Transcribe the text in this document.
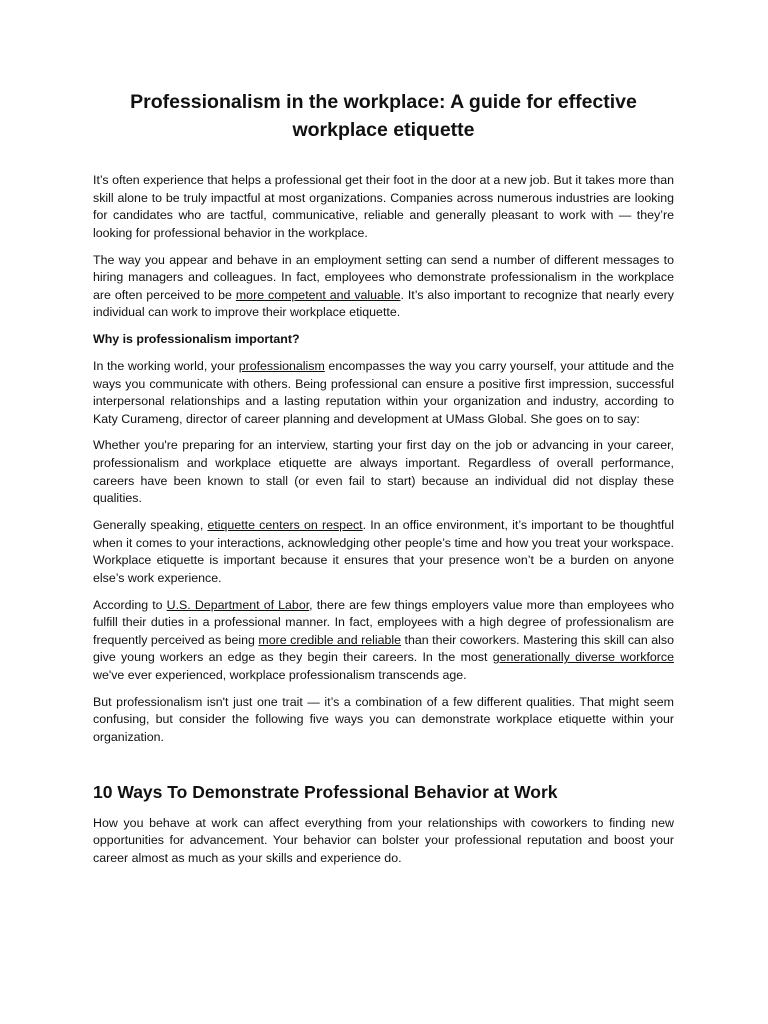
Professionalism in the workplace: A guide for effective workplace etiquette

It’s often experience that helps a professional get their foot in the door at a new job. But it takes more than skill alone to be truly impactful at most organizations. Companies across numerous industries are looking for candidates who are tactful, communicative, reliable and generally pleasant to work with — they’re looking for professional behavior in the workplace.

The way you appear and behave in an employment setting can send a number of different messages to hiring managers and colleagues. In fact, employees who demonstrate professionalism in the workplace are often perceived to be more competent and valuable. It’s also important to recognize that nearly every individual can work to improve their workplace etiquette.

Why is professionalism important?

In the working world, your professionalism encompasses the way you carry yourself, your attitude and the ways you communicate with others. Being professional can ensure a positive first impression, successful interpersonal relationships and a lasting reputation within your organization and industry, according to Katy Curameng, director of career planning and development at UMass Global. She goes on to say:

Whether you're preparing for an interview, starting your first day on the job or advancing in your career, professionalism and workplace etiquette are always important. Regardless of overall performance, careers have been known to stall (or even fail to start) because an individual did not display these qualities.

Generally speaking, etiquette centers on respect. In an office environment, it’s important to be thoughtful when it comes to your interactions, acknowledging other people’s time and how you treat your workspace. Workplace etiquette is important because it ensures that your presence won’t be a burden on anyone else’s work experience.

According to U.S. Department of Labor, there are few things employers value more than employees who fulfill their duties in a professional manner. In fact, employees with a high degree of professionalism are frequently perceived as being more credible and reliable than their coworkers. Mastering this skill can also give young workers an edge as they begin their careers. In the most generationally diverse workforce we've ever experienced, workplace professionalism transcends age.

But professionalism isn't just one trait — it’s a combination of a few different qualities. That might seem confusing, but consider the following five ways you can demonstrate workplace etiquette within your organization.

10 Ways To Demonstrate Professional Behavior at Work

How you behave at work can affect everything from your relationships with coworkers to finding new opportunities for advancement. Your behavior can bolster your professional reputation and boost your career almost as much as your skills and experience do.
